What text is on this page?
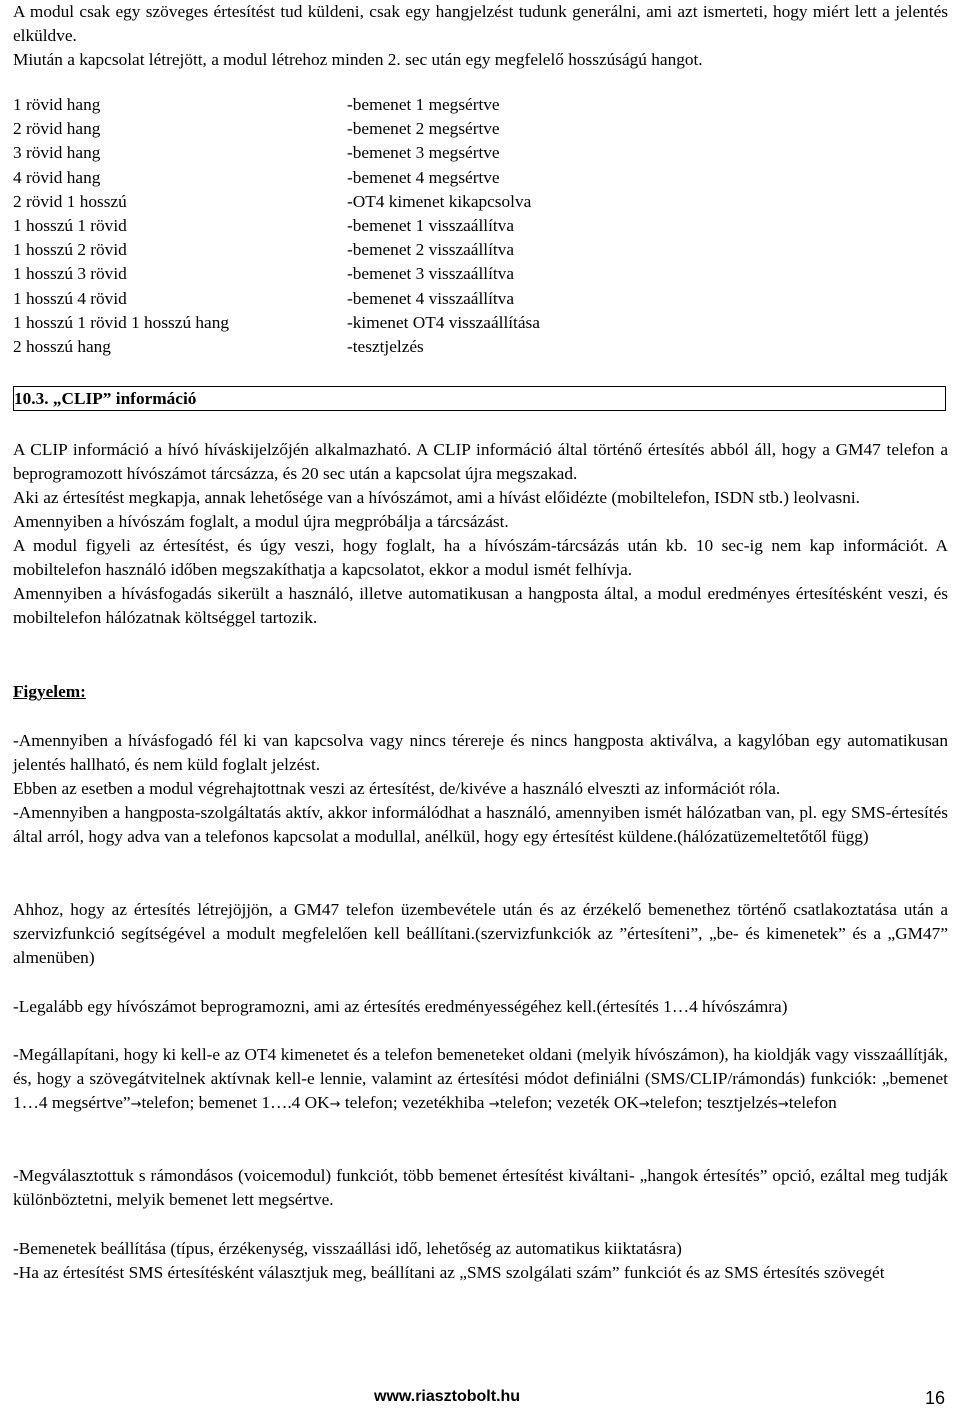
A modul csak egy szöveges értesítést tud küldeni, csak egy hangjelzést tudunk generálni, ami azt ismerteti, hogy miért lett a jelentés elküldve.

Miután a kapcsolat létrejött, a modul létrehoz minden 2. sec után egy megfelelő hosszúságú hangot.

1 rövid hang	-bemenet 1 megsértve
2 rövid hang	-bemenet 2 megsértve
3 rövid hang	-bemenet 3 megsértve
4 rövid hang	-bemenet 4 megsértve
2 rövid 1 hosszú	-OT4 kimenet kikapcsolva
1 hosszú 1 rövid	-bemenet 1 visszaállítva
1 hosszú 2 rövid	-bemenet 2 visszaállítva
1 hosszú 3 rövid	-bemenet 3 visszaállítva
1 hosszú 4 rövid	-bemenet 4 visszaállítva
1 hosszú 1 rövid 1 hosszú hang	-kimenet OT4 visszaállítása
2 hosszú hang	-tesztjelzés
10.3. „CLIP” információ

A CLIP információ a hívó híváskijelzőjén alkalmazható. A CLIP információ által történő értesítés abból áll, hogy a GM47 telefon a beprogramozott hívószámot tárcsázza, és 20 sec után a kapcsolat újra megszakad.

Aki az értesítést megkapja, annak lehetősége van a hívószámot, ami a hívást előidézte (mobiltelefon, ISDN stb.) leolvasni.

Amennyiben a hívószám foglalt, a modul újra megpróbálja a tárcsázást.

A modul figyeli az értesítést, és úgy veszi, hogy foglalt, ha a hívószám-tárcsázás után kb. 10 sec-ig nem kap információt. A mobiltelefon használó időben megszakíthatja a kapcsolatot, ekkor a modul ismét felhívja.

Amennyiben a hívásfogadás sikerült a használó, illetve automatikusan a hangposta által, a modul eredményes értesítésként veszi, és mobiltelefon hálózatnak költséggel tartozik.

Figyelem:

-Amennyiben a hívásfogadó fél ki van kapcsolva vagy nincs térereje és nincs hangposta aktiválva, a kagylóban egy automatikusan jelentés hallható, és nem küld foglalt jelzést.

Ebben az esetben a modul végrehajtottnak veszi az értesítést, de/kivéve a használó elveszti az információt róla.

-Amennyiben a hangposta-szolgáltatás aktív, akkor informálódhat a használó, amennyiben ismét hálózatban van, pl. egy SMS-értesítés által arról, hogy adva van a telefonos kapcsolat a modullal, anélkül, hogy egy értesítést küldene.(hálózatüzemeltetőtől függ)

Ahhoz, hogy az értesítés létrejöjjön, a GM47 telefon üzembevétele után és az érzékelő bemenethez történő csatlakoztatása után a szervizfunkció segítségével a modult megfelelően kell beállítani.(szervizfunkciók az ”értesíteni”, „be- és kimenetek” és a „GM47” almenüben)

-Legalább egy hívószámot beprogramozni, ami az értesítés eredményességéhez kell.(értesítés 1…4 hívószámra)

-Megállapítani, hogy ki kell-e az OT4 kimenetet és a telefon bemeneteket oldani (melyik hívószámon), ha kioldják vagy visszaállítják, és, hogy a szövegátvitelnek aktívnak kell-e lennie, valamint az értesítési módot definiálni (SMS/CLIP/rámondás) funkciók: „bemenet 1…4 megsértve”→telefon; bemenet 1….4 OK→ telefon; vezetékhiba →telefon; vezeték OK→telefon; tesztjelzés→telefon

-Megválasztottuk s rámondásos (voicemodul) funkciót, több bemenet értesítést kiváltani- „hangok értesítés” opció, ezáltal meg tudják különböztetni, melyik bemenet lett megsértve.

-Bemenetek beállítása (típus, érzékenység, visszaállási idő, lehetőség az automatikus kiiktatásra)

-Ha az értesítést SMS értesítésként választjuk meg, beállítani az „SMS szolgálati szám” funkciót és az SMS értesítés szövegét

www.riasztobolt.hu	16
